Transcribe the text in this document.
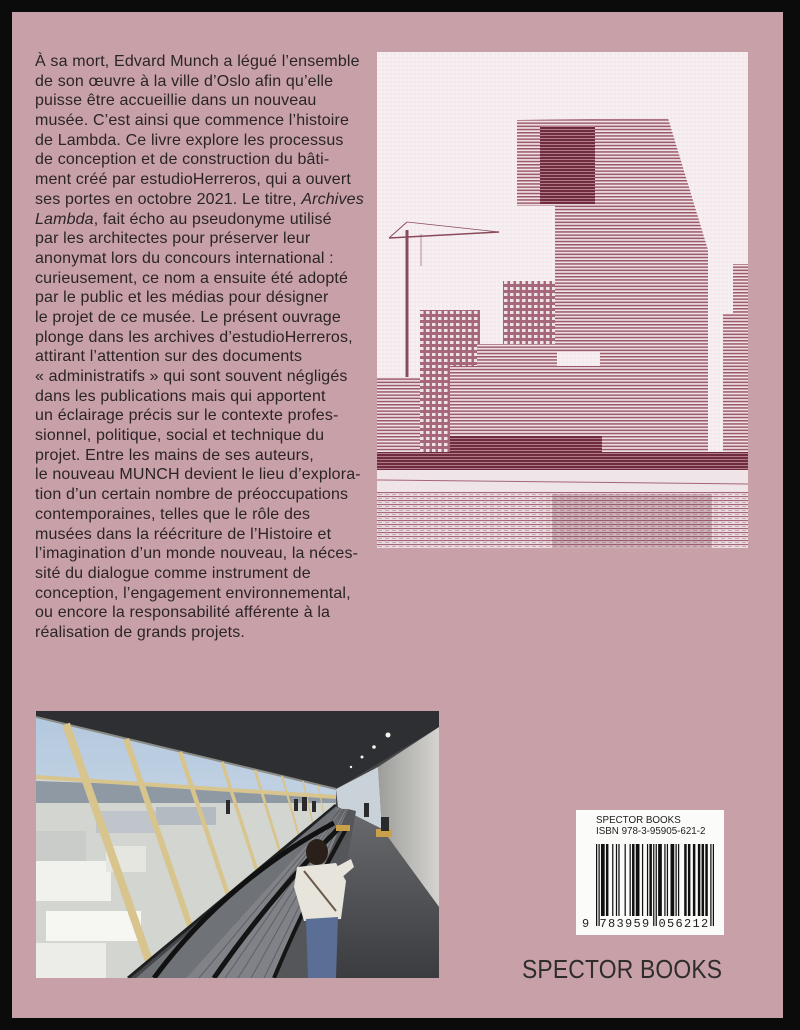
À sa mort, Edvard Munch a légué l’ensemble
de son œuvre à la ville d’Oslo afin qu’elle
puisse être accueillie dans un nouveau
musée. C’est ainsi que commence l’histoire
de Lambda. Ce livre explore les processus
de conception et de construction du bâti-
ment créé par estudioHerreros, qui a ouvert
ses portes en octobre 2021. Le titre, Archives
Lambda, fait écho au pseudonyme utilisé
par les architectes pour préserver leur
anonymat lors du concours international :
curieusement, ce nom a ensuite été adopté
par le public et les médias pour désigner
le projet de ce musée. Le présent ouvrage
plonge dans les archives d’estudioHerreros,
attirant l’attention sur des documents
« administratifs » qui sont souvent négligés
dans les publications mais qui apportent
un éclairage précis sur le contexte profes-
sionnel, politique, social et technique du
projet. Entre les mains de ses auteurs,
le nouveau MUNCH devient le lieu d’explora-
tion d’un certain nombre de préoccupations
contemporaines, telles que le rôle des
musées dans la réécriture de l’Histoire et
l’imagination d’un monde nouveau, la néces-
sité du dialogue comme instrument de
conception, l’engagement environnemental,
ou encore la responsabilité afférente à la
réalisation de grands projets.
SPECTOR BOOKS
ISBN 978-3-95905-621-2
9 783959 056212
SPECTOR BOOKS
